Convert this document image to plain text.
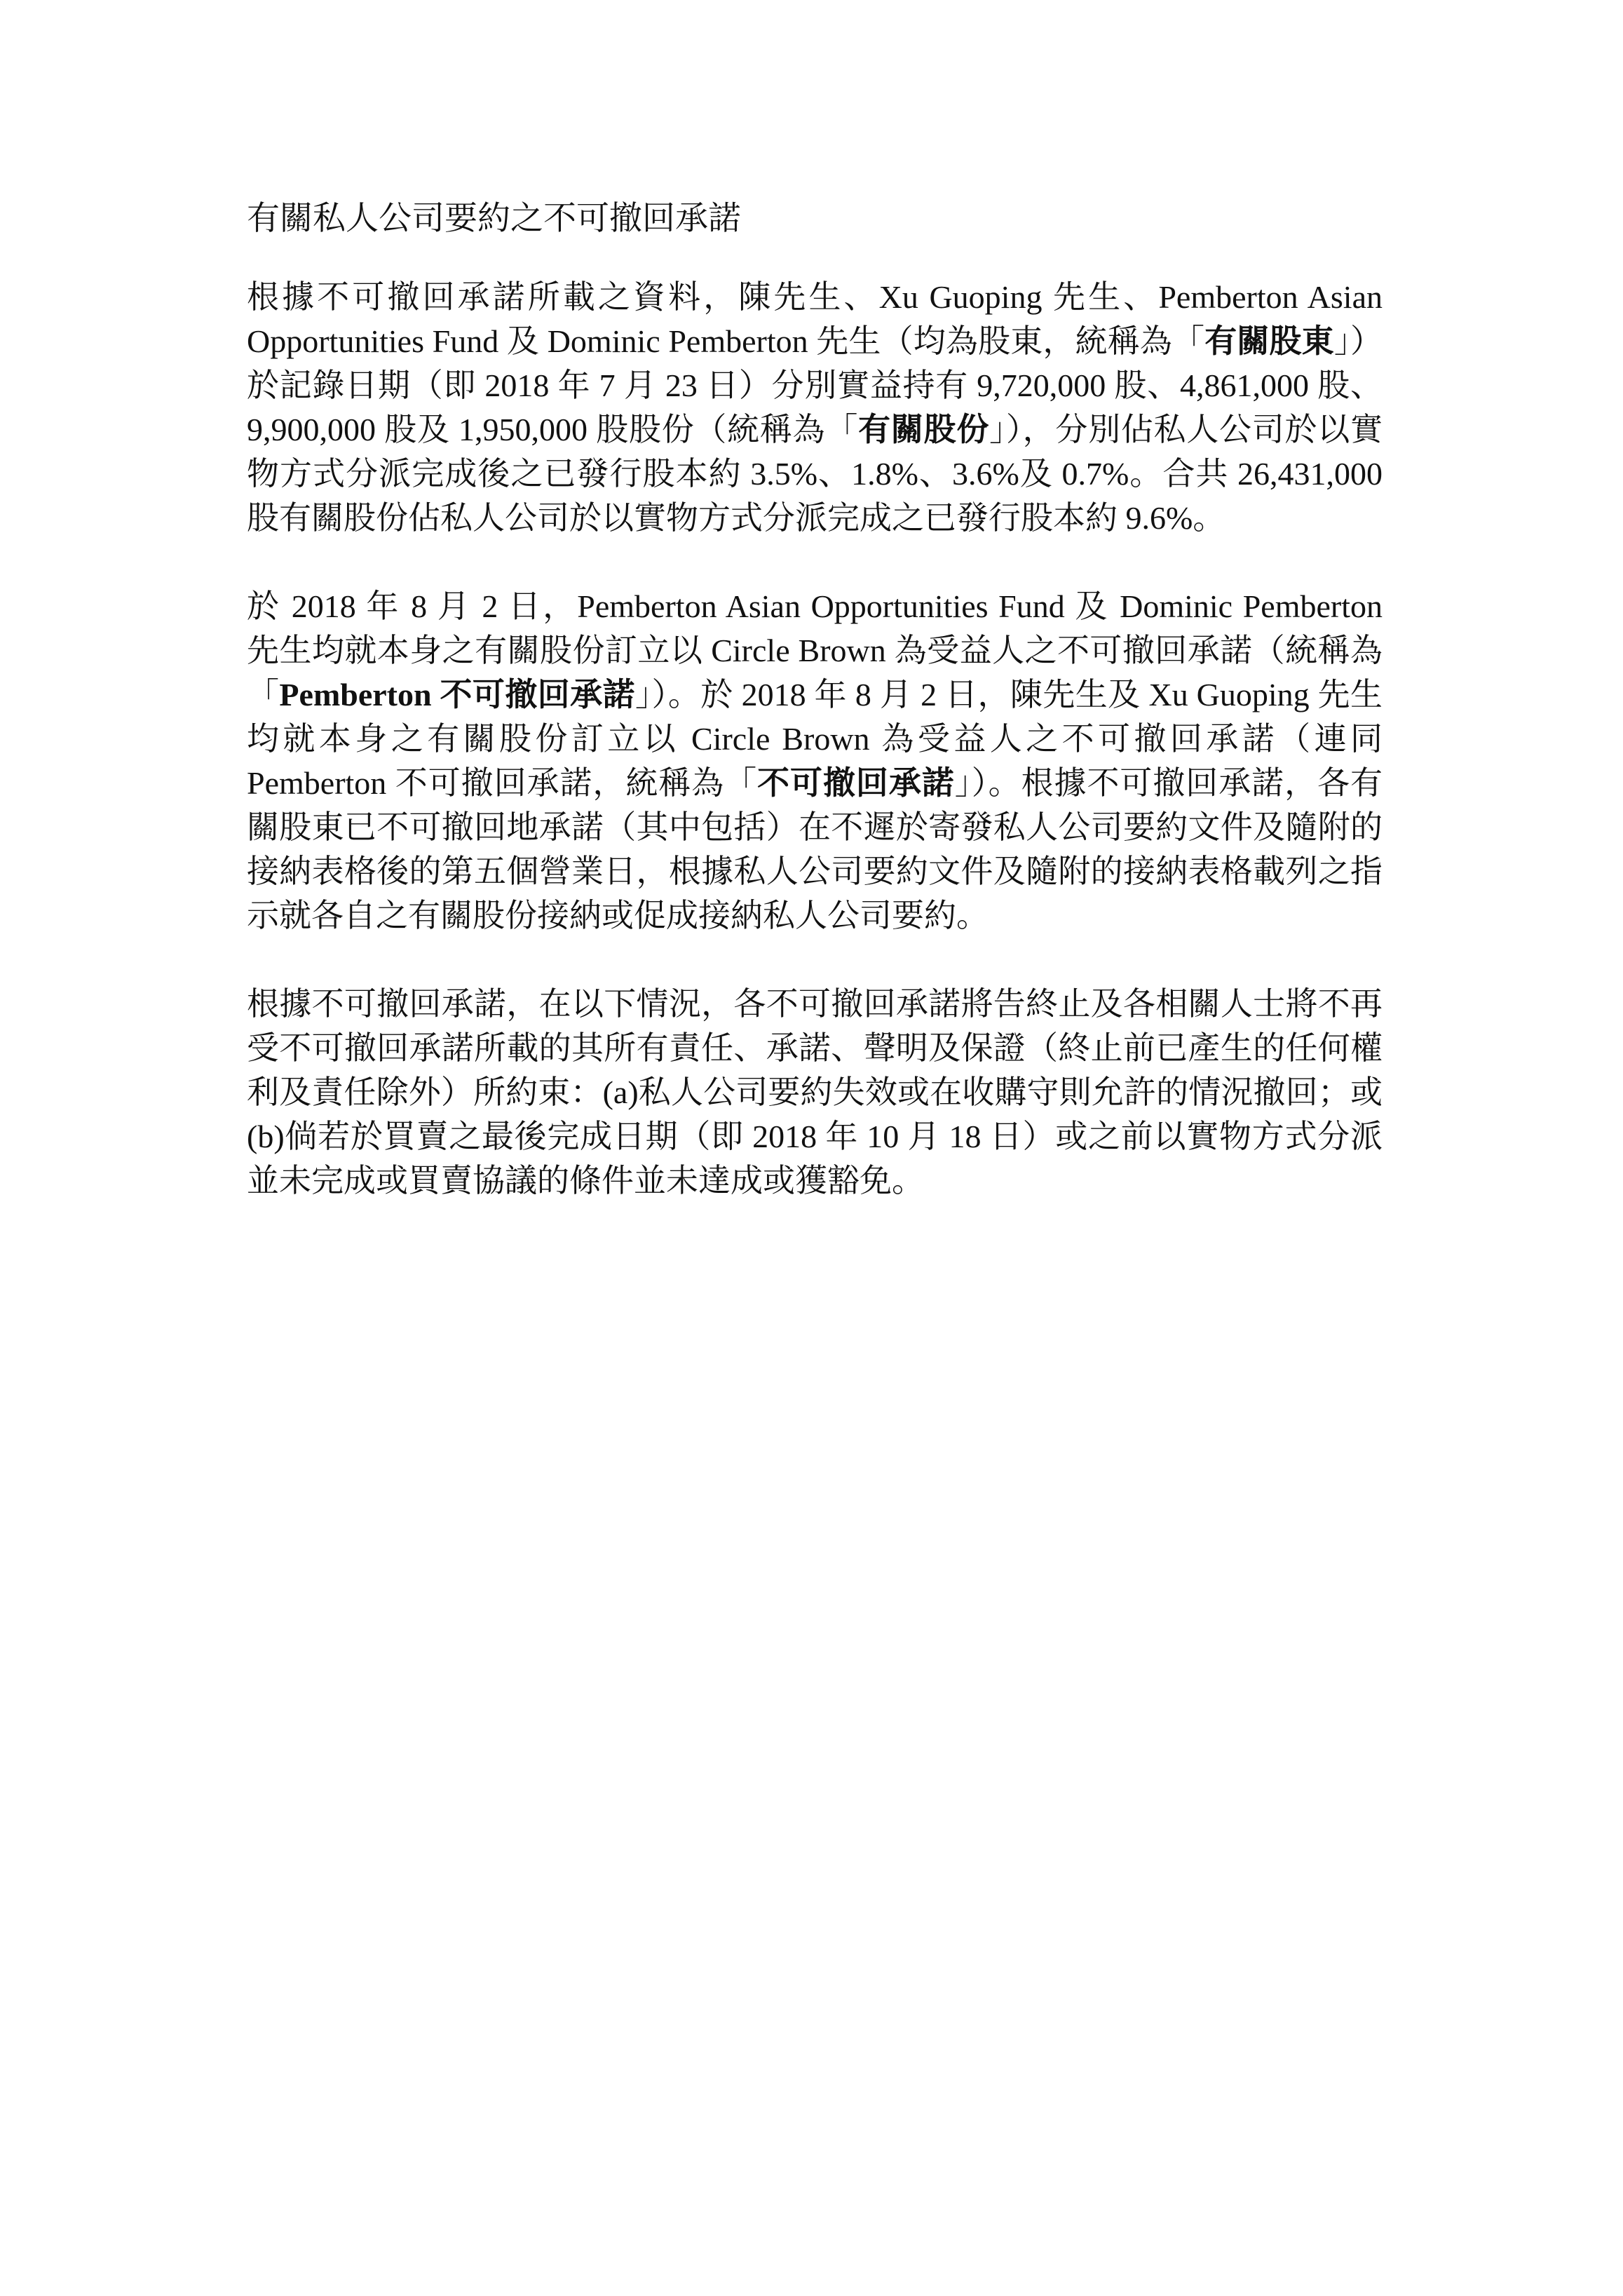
有關私人公司要約之不可撤回承諾

根據不可撤回承諾所載之資料，陳先生、Xu Guoping 先生、Pemberton Asian Opportunities Fund 及 Dominic Pemberton 先生（均為股東，統稱為「有關股東」）於記錄日期（即 2018 年 7 月 23 日）分別實益持有 9,720,000 股、4,861,000 股、9,900,000 股及 1,950,000 股股份（統稱為「有關股份」），分別佔私人公司於以實物方式分派完成後之已發行股本約 3.5%、1.8%、3.6%及 0.7%。合共 26,431,000 股有關股份佔私人公司於以實物方式分派完成之已發行股本約 9.6%。

於 2018 年 8 月 2 日，Pemberton Asian Opportunities Fund 及 Dominic Pemberton 先生均就本身之有關股份訂立以 Circle Brown 為受益人之不可撤回承諾（統稱為「Pemberton 不可撤回承諾」）。於 2018 年 8 月 2 日，陳先生及 Xu Guoping 先生均就本身之有關股份訂立以 Circle Brown 為受益人之不可撤回承諾（連同 Pemberton 不可撤回承諾，統稱為「不可撤回承諾」）。根據不可撤回承諾，各有關股東已不可撤回地承諾（其中包括）在不遲於寄發私人公司要約文件及隨附的接納表格後的第五個營業日，根據私人公司要約文件及隨附的接納表格載列之指示就各自之有關股份接納或促成接納私人公司要約。

根據不可撤回承諾，在以下情況，各不可撤回承諾將告終止及各相關人士將不再受不可撤回承諾所載的其所有責任、承諾、聲明及保證（終止前已產生的任何權利及責任除外）所約束：(a)私人公司要約失效或在收購守則允許的情況撤回；或(b)倘若於買賣之最後完成日期（即 2018 年 10 月 18 日）或之前以實物方式分派並未完成或買賣協議的條件並未達成或獲豁免。
